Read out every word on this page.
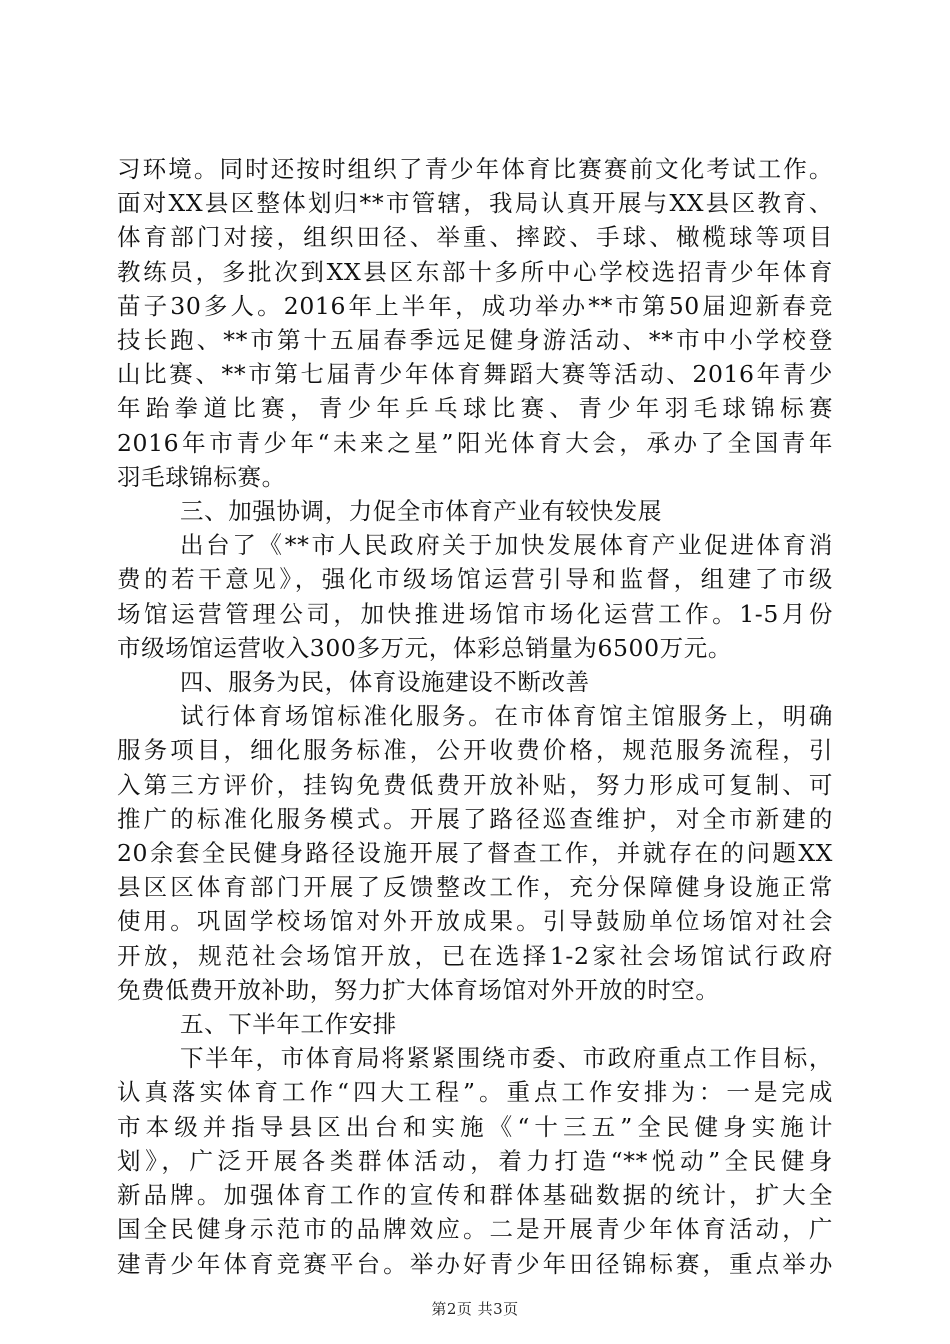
习环境。同时还按时组织了青少年体育比赛赛前文化考试工作。

面对XX县区整体划归**市管辖，我局认真开展与XX县区教育、

体育部门对接，组织田径、举重、摔跤、手球、橄榄球等项目

教练员，多批次到XX县区东部十多所中心学校选招青少年体育

苗子30多人。2016年上半年，成功举办**市第50届迎新春竞

技长跑、**市第十五届春季远足健身游活动、**市中小学校登

山比赛、**市第七届青少年体育舞蹈大赛等活动、2016年青少

年跆拳道比赛，青少年乒乓球比赛、青少年羽毛球锦标赛

2016年市青少年“未来之星”阳光体育大会，承办了全国青年

羽毛球锦标赛。

三、加强协调，力促全市体育产业有较快发展

出台了《**市人民政府关于加快发展体育产业促进体育消

费的若干意见》，强化市级场馆运营引导和监督，组建了市级

场馆运营管理公司，加快推进场馆市场化运营工作。1-5月份

市级场馆运营收入300多万元，体彩总销量为6500万元。

四、服务为民，体育设施建设不断改善

试行体育场馆标准化服务。在市体育馆主馆服务上，明确

服务项目，细化服务标准，公开收费价格，规范服务流程，引

入第三方评价，挂钩免费低费开放补贴，努力形成可复制、可

推广的标准化服务模式。开展了路径巡查维护，对全市新建的

20余套全民健身路径设施开展了督查工作，并就存在的问题XX

县区区体育部门开展了反馈整改工作，充分保障健身设施正常

使用。巩固学校场馆对外开放成果。引导鼓励单位场馆对社会

开放，规范社会场馆开放，已在选择1-2家社会场馆试行政府

免费低费开放补助，努力扩大体育场馆对外开放的时空。

五、下半年工作安排

下半年，市体育局将紧紧围绕市委、市政府重点工作目标，

认真落实体育工作“四大工程”。重点工作安排为：一是完成

市本级并指导县区出台和实施《“十三五”全民健身实施计

划》，广泛开展各类群体活动，着力打造“**悦动”全民健身

新品牌。加强体育工作的宣传和群体基础数据的统计，扩大全

国全民健身示范市的品牌效应。二是开展青少年体育活动，广

建青少年体育竞赛平台。举办好青少年田径锦标赛，重点举办

第2页 共3页
